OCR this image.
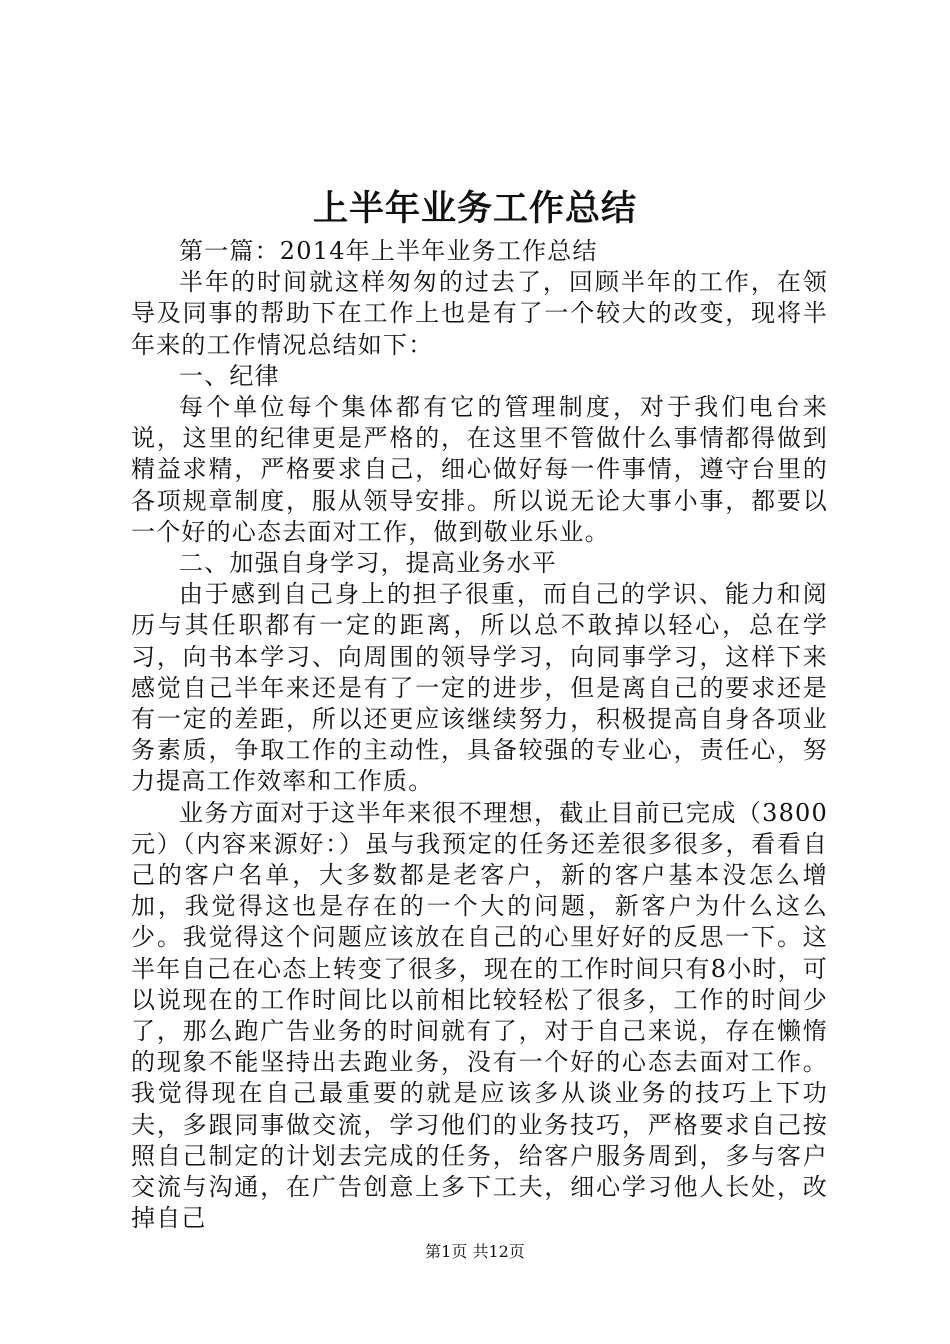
上半年业务工作总结

第一篇：2014年上半年业务工作总结

半年的时间就这样匆匆的过去了，回顾半年的工作，在领导及同事的帮助下在工作上也是有了一个较大的改变，现将半年来的工作情况总结如下：

一、纪律

每个单位每个集体都有它的管理制度，对于我们电台来说，这里的纪律更是严格的，在这里不管做什么事情都得做到精益求精，严格要求自己，细心做好每一件事情，遵守台里的各项规章制度，服从领导安排。所以说无论大事小事，都要以一个好的心态去面对工作，做到敬业乐业。

二、加强自身学习，提高业务水平

由于感到自己身上的担子很重，而自己的学识、能力和阅历与其任职都有一定的距离，所以总不敢掉以轻心，总在学习，向书本学习、向周围的领导学习，向同事学习，这样下来感觉自己半年来还是有了一定的进步，但是离自己的要求还是有一定的差距，所以还更应该继续努力，积极提高自身各项业务素质，争取工作的主动性，具备较强的专业心，责任心，努力提高工作效率和工作质。

业务方面对于这半年来很不理想，截止目前已完成（3800元）（内容来源好：）虽与我预定的任务还差很多很多，看看自己的客户名单，大多数都是老客户，新的客户基本没怎么增加，我觉得这也是存在的一个大的问题，新客户为什么这么少。我觉得这个问题应该放在自己的心里好好的反思一下。这半年自己在心态上转变了很多，现在的工作时间只有8小时，可以说现在的工作时间比以前相比较轻松了很多，工作的时间少了，那么跑广告业务的时间就有了，对于自己来说，存在懒惰的现象不能坚持出去跑业务，没有一个好的心态去面对工作。我觉得现在自己最重要的就是应该多从谈业务的技巧上下功夫，多跟同事做交流，学习他们的业务技巧，严格要求自己按照自己制定的计划去完成的任务，给客户服务周到，多与客户交流与沟通，在广告创意上多下工夫，细心学习他人长处，改掉自己

第1页 共12页
